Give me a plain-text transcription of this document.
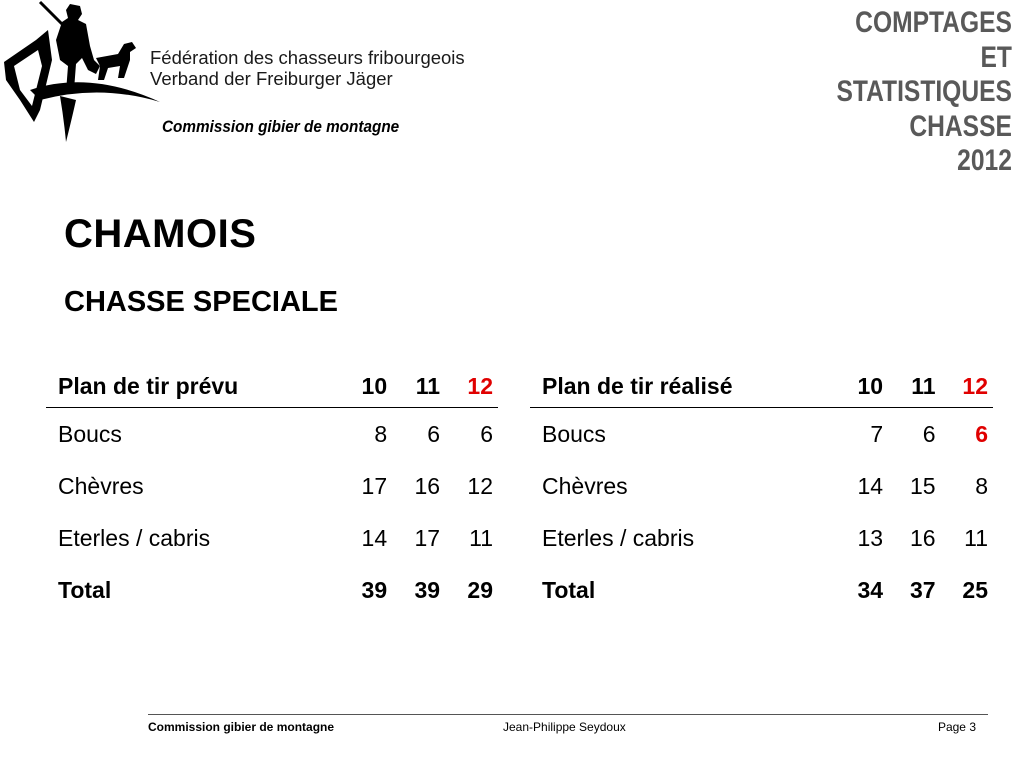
Fédération des chasseurs fribourgeois
Verband der Freiburger Jäger
Commission gibier de montagne
COMPTAGES
ET
STATISTIQUES
CHASSE
2012
CHAMOIS
CHASSE SPECIALE
Plan de tir prévu	10	11	12
Boucs	8	6	6
Chèvres	17	16	12
Eterles / cabris	14	17	11
Total	39	39	29
Plan de tir réalisé	10	11	12
Boucs	7	6	6
Chèvres	14	15	8
Eterles / cabris	13	16	11
Total	34	37	25
Commission gibier de montagne	Jean-Philippe Seydoux	Page 3
